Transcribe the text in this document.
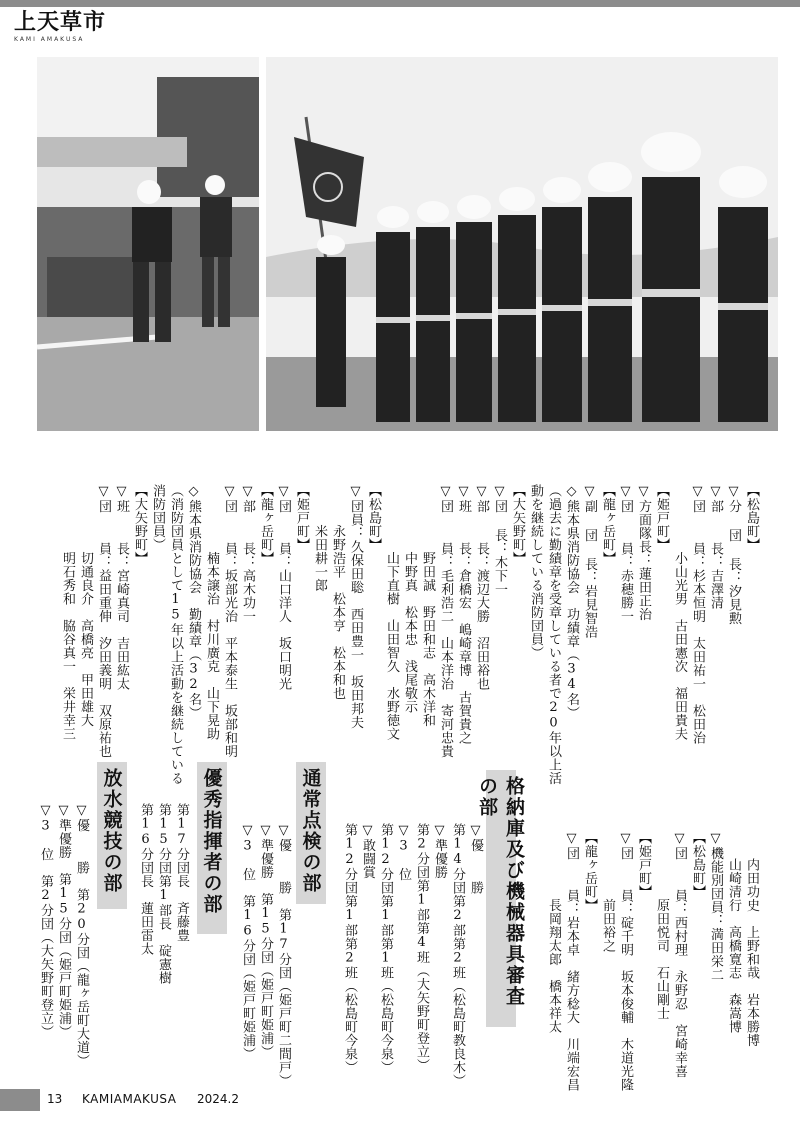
上天草市
KAMI AMAKUSA

【松島町】
▽分 団 長：汐見勲
▽部　 長：吉澤清
▽団　 員：杉本恒明　太田祐一　松田治
　　　　　小山光男　古田憲次　福田貴夫
【姫戸町】
▽方面隊長：蓮田正治
▽団　 員：赤穂勝一
【龍ヶ岳町】
▽副 団 長：岩見智浩
◇熊本県消防協会　功績章（34名）
（過去に勤績章を受章している者で20年以上活
動を継続している消防団員）
【大矢野町】
▽団 長：木下一
▽部　 長：渡辺大勝　沼田裕也
▽班　 長：倉橋宏　嶋崎章博　古賀貴之
▽団　 員：毛利浩二　山本洋治　寄河忠貴
　　　　　野田誠　野田和志　高木洋和
　　　　　中野真　松本忠　浅尾敬示
　　　　　山下直樹　山田智久　水野徳文
【松島町】
▽団員：久保田聡　西田豊一　坂田邦夫
　　　永野浩平　松本亨　松本和也
　　　米田耕一郎
【姫戸町】
▽団　 員：山口洋人　坂口明光
【龍ヶ岳町】
▽部　 長：高木功一
▽団　 員：坂部光治　平本泰生　坂部和明
　　　　　楠本譲治　村川廣克　山下晃助
◇熊本県消防協会　勤績章（32名）
（消防団員として15年以上活動を継続している
消防団員）
【大矢野町】
▽班　 長：宮崎真司　吉田紘太
▽団　 員：益田重伸　汐田義明　双原祐也
　　　　　切通良介　高橋亮　甲田雄大
　　　　　明石秀和　脇谷真一　栄井幸三

　　内田功史　上野和哉　岩本勝博
　　山崎清行　高橋寛志　森嵩博
▽機能別団員：満田栄二
【松島町】
▽団　 員：西村理　永野忍　宮崎幸喜
　　　　　原田悦司　石山剛士
【姫戸町】
▽団　 員：碇千明　坂本俊輔　木道光隆
　　　　　前田裕之
【龍ヶ岳町】
▽団　 員：岩本卓　緒方稔大　川端宏昌
　　　　　長岡翔太郎　橋本祥太

格納庫及び機械器具審査の部

▽優　 勝
第14分団第2部第2班（松島町教良木）
▽準優勝
第2分団第1部第4班（大矢野町登立）
▽3　位
第12分団第1部第1班（松島町今泉）
▽敢闘賞
第12分団第1部第2班（松島町今泉）

通常点検の部

▽優　 勝　第17分団（姫戸町二間戸）
▽準優勝　第15分団（姫戸町姫浦）
▽3　位　第16分団（姫戸町姫浦）

優秀指揮者の部

第17分団長　斉藤豊
第15分団第1部長　碇憲樹
第16分団長　蓮田雷太

放水競技の部

▽優　 勝　第20分団（龍ヶ岳町大道）
▽準優勝　第15分団（姫戸町姫浦）
▽3　位　第2分団（大矢野町登立）

13 KAMIAMAKUSA 2024.2
